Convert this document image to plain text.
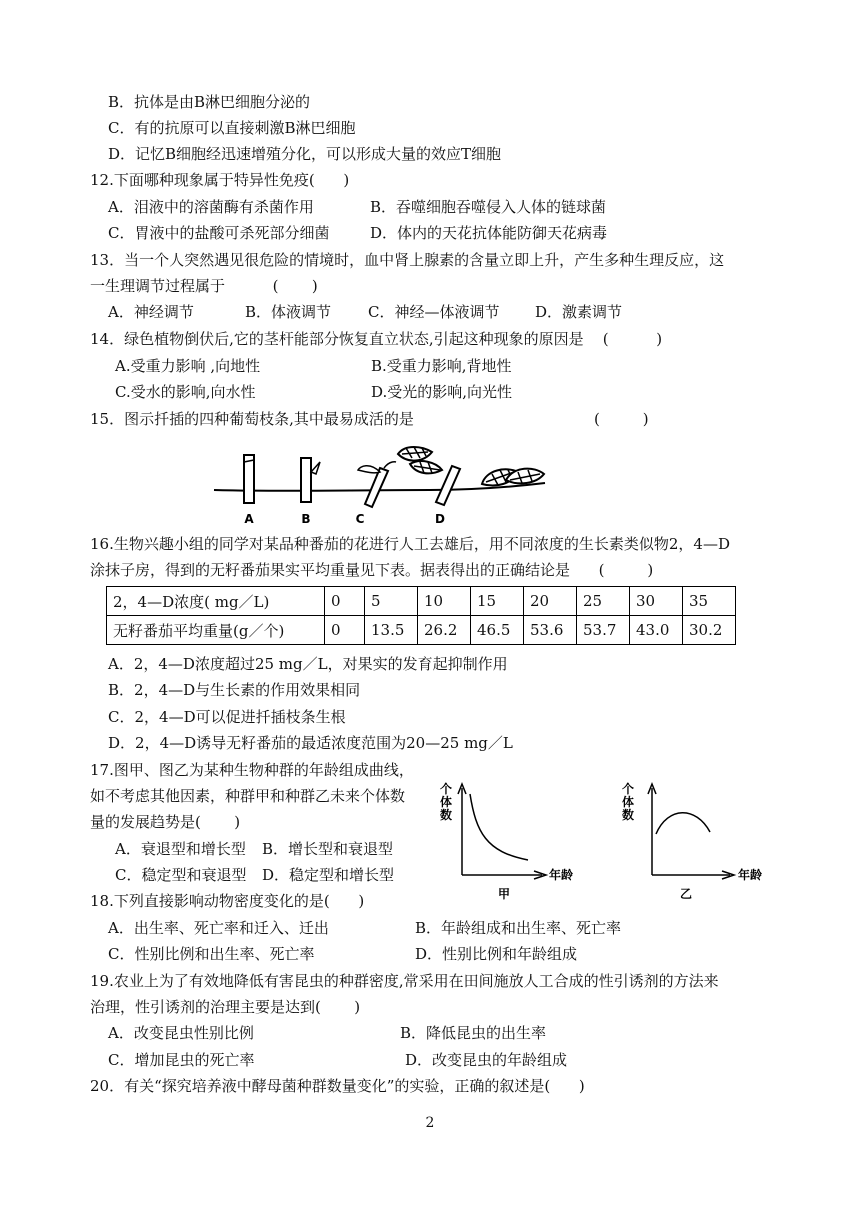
B．抗体是由B淋巴细胞分泌的
C．有的抗原可以直接刺激B淋巴细胞
D．记忆B细胞经迅速增殖分化，可以形成大量的效应T细胞
12.下面哪种现象属于特异性免疫(      )

A．泪液中的溶菌酶有杀菌作用

	B．吞噬细胞吞噬侵入人体的链球菌

C．胃液中的盐酸可杀死部分细菌

	D．体内的天花抗体能防御天花病毒

13．当一个人突然遇见很危险的情境时，血中肾上腺素的含量立即上升，产生多种生理反应，这
一生理调节过程属于          (       )

A．神经调节

	B．体液调节

C．神经—体液调节

D．激素调节

14．绿色植物倒伏后,它的茎杆能部分恢复直立状态,引起这种现象的原因是    (          )

A.受重力影响 ,向地性

	B.受重力影响,背地性

C.受水的影响,向水性

	D.受光的影响,向光性

15．图示扦插的四种葡萄枝条,其中最易成活的是	(         )
A	B	C	D
16.生物兴趣小组的同学对某品种番茄的花进行人工去雄后，用不同浓度的生长素类似物2，4—D
涂抹子房，得到的无籽番茄果实平均重量见下表。据表得出的正确结论是      (         )
2，4—D浓度( mg／L)	0	5	10	15	20	25	30	35
无籽番茄平均重量(g／个)	0	13.5	26.2	46.5	53.6	53.7	43.0	30.2
A．2，4—D浓度超过25 mg／L，对果实的发育起抑制作用
B．2，4—D与生长素的作用效果相同
C．2，4—D可以促进扦插枝条生根
D．2，4—D诱导无籽番茄的最适浓度范围为20—25 mg／L
17.图甲、图乙为某种生物种群的年龄组成曲线，
如不考虑其他因素，种群甲和种群乙未来个体数
量的发展趋势是(       )

A．衰退型和增长型

B．增长型和衰退型

C．稳定型和衰退型

D．稳定型和增长型

个
体
数
年龄
甲
个
体
数
年龄
乙
18.下列直接影响动物密度变化的是(      )

A．出生率、死亡率和迁入、迁出

	B．年龄组成和出生率、死亡率

C．性别比例和出生率、死亡率

	D．性别比例和年龄组成

19.农业上为了有效地降低有害昆虫的种群密度,常采用在田间施放人工合成的性引诱剂的方法来
治理，性引诱剂的治理主要是达到(       )

A．改变昆虫性别比例

	B．降低昆虫的出生率

C．增加昆虫的死亡率

	D．改变昆虫的年龄组成

20．有关“探究培养液中酵母菌种群数量变化”的实验，正确的叙述是(      )
2
